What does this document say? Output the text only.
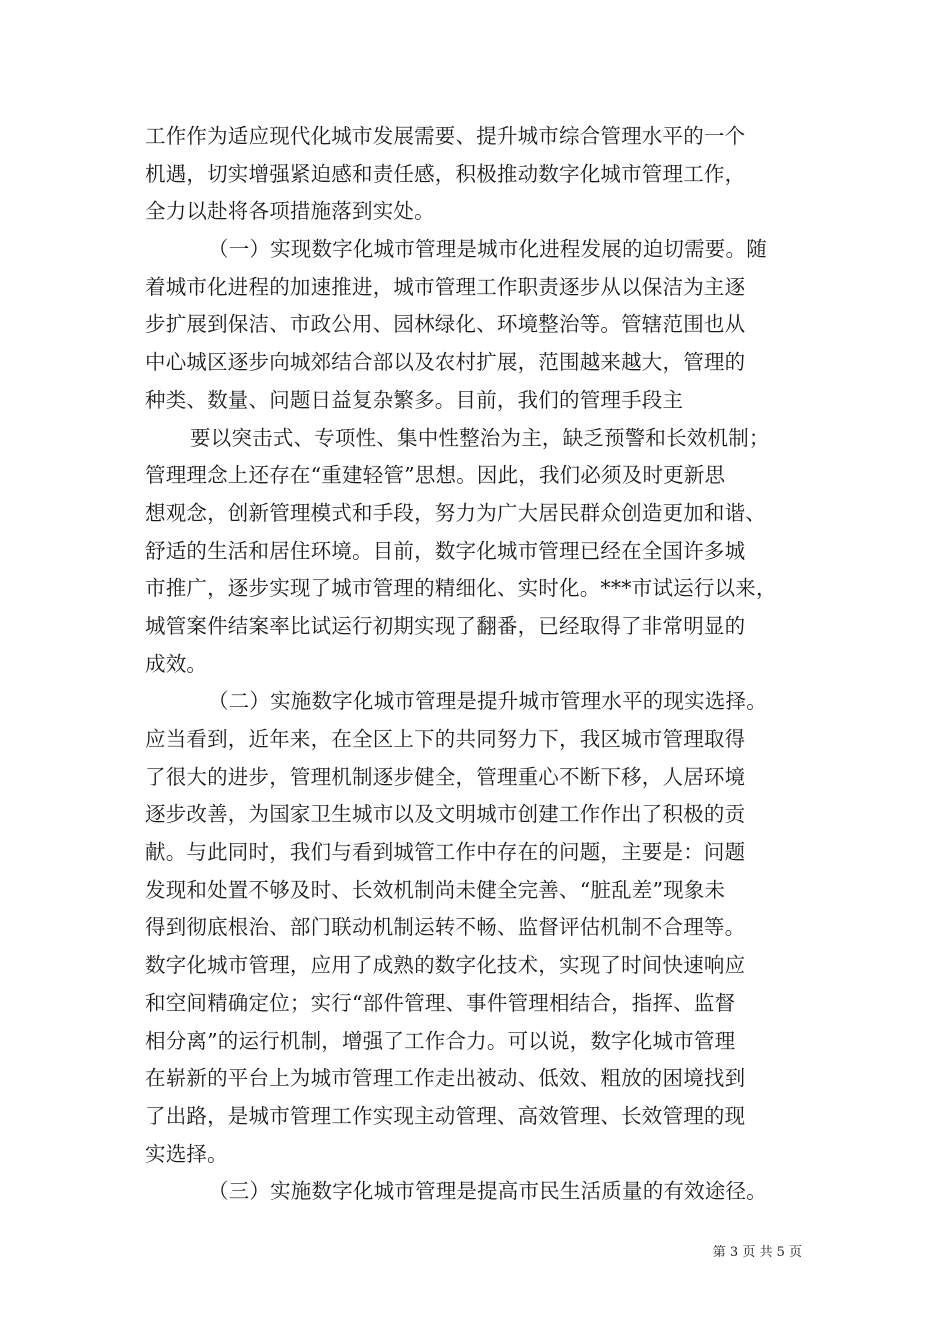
工作作为适应现代化城市发展需要、提升城市综合管理水平的一个
机遇，切实增强紧迫感和责任感，积极推动数字化城市管理工作，
全力以赴将各项措施落到实处。
（一）实现数字化城市管理是城市化进程发展的迫切需要。随
着城市化进程的加速推进，城市管理工作职责逐步从以保洁为主逐
步扩展到保洁、市政公用、园林绿化、环境整治等。管辖范围也从
中心城区逐步向城郊结合部以及农村扩展，范围越来越大，管理的
种类、数量、问题日益复杂繁多。目前，我们的管理手段主
要以突击式、专项性、集中性整治为主，缺乏预警和长效机制；
管理理念上还存在“重建轻管”思想。因此，我们必须及时更新思
想观念，创新管理模式和手段，努力为广大居民群众创造更加和谐、
舒适的生活和居住环境。目前，数字化城市管理已经在全国许多城
市推广，逐步实现了城市管理的精细化、实时化。***市试运行以来，
城管案件结案率比试运行初期实现了翻番，已经取得了非常明显的
成效。
（二）实施数字化城市管理是提升城市管理水平的现实选择。
应当看到，近年来，在全区上下的共同努力下，我区城市管理取得
了很大的进步，管理机制逐步健全，管理重心不断下移，人居环境
逐步改善，为国家卫生城市以及文明城市创建工作作出了积极的贡
献。与此同时，我们与看到城管工作中存在的问题，主要是：问题
发现和处置不够及时、长效机制尚未健全完善、“脏乱差”现象未
得到彻底根治、部门联动机制运转不畅、监督评估机制不合理等。
数字化城市管理，应用了成熟的数字化技术，实现了时间快速响应
和空间精确定位；实行“部件管理、事件管理相结合，指挥、监督
相分离”的运行机制，增强了工作合力。可以说，数字化城市管理
在崭新的平台上为城市管理工作走出被动、低效、粗放的困境找到
了出路，是城市管理工作实现主动管理、高效管理、长效管理的现
实选择。
（三）实施数字化城市管理是提高市民生活质量的有效途径。
第 3 页 共 5 页
